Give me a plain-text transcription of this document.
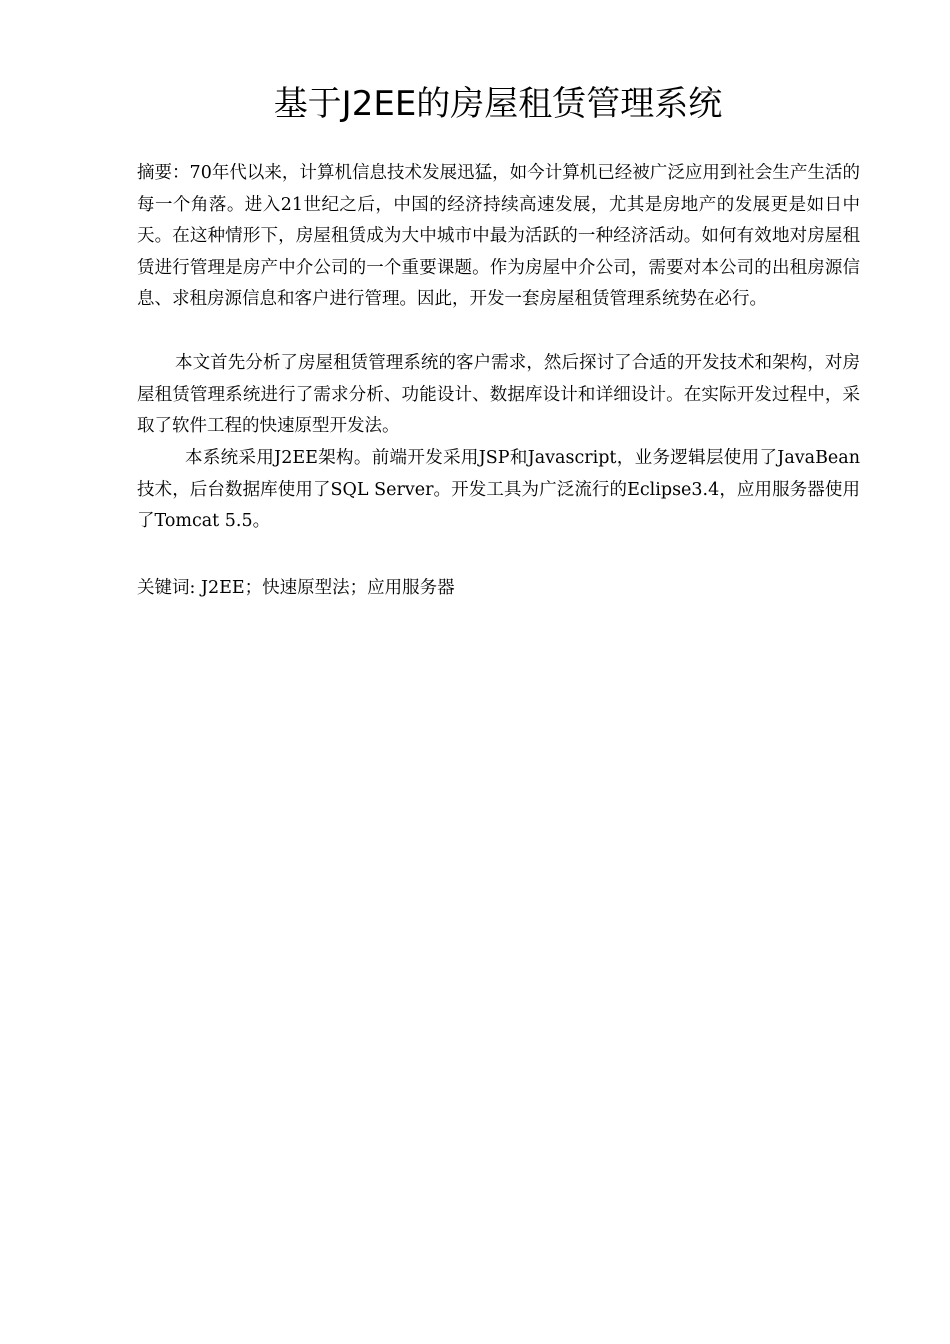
基于J2EE的房屋租赁管理系统

摘要：70年代以来，计算机信息技术发展迅猛，如今计算机已经被广泛应用到社会生产生活的每一个角落。进入21世纪之后，中国的经济持续高速发展，尤其是房地产的发展更是如日中天。在这种情形下，房屋租赁成为大中城市中最为活跃的一种经济活动。如何有效地对房屋租赁进行管理是房产中介公司的一个重要课题。作为房屋中介公司，需要对本公司的出租房源信息、求租房源信息和客户进行管理。因此，开发一套房屋租赁管理系统势在必行。

本文首先分析了房屋租赁管理系统的客户需求，然后探讨了合适的开发技术和架构，对房屋租赁管理系统进行了需求分析、功能设计、数据库设计和详细设计。在实际开发过程中，采取了软件工程的快速原型开发法。

本系统采用J2EE架构。前端开发采用JSP和Javascript，业务逻辑层使用了JavaBean技术，后台数据库使用了SQL Server。开发工具为广泛流行的Eclipse3.4，应用服务器使用了Tomcat 5.5。

关键词: J2EE；快速原型法；应用服务器
